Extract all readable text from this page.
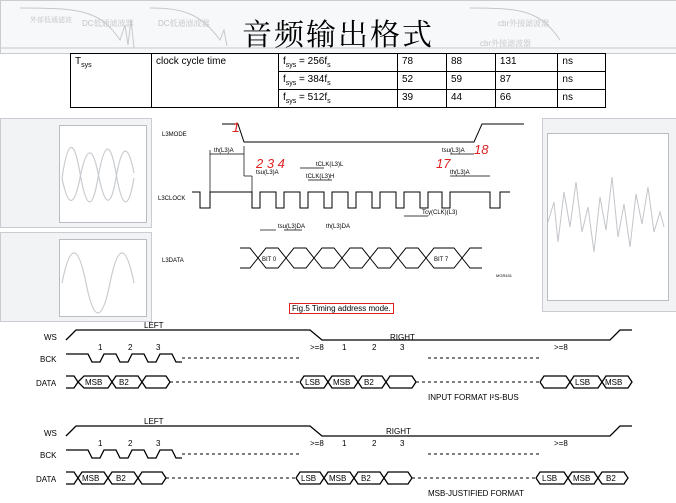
外部低通滤波 DC低通滤波器	DC低通滤波器	cbr外接滤波器
cbr外接滤波器
音频输出格式
$T_{sys}$	clock cycle time	$f_{sys} = 256f_s$	78	88	131	ns
		$f_{sys} = 384f_s$	52	59	87	ns
		$f_{sys} = 512f_s$	39	44	66	ns
L3MODE
L3CLOCK
L3DATA	BIT 0	BIT 7
MGR431
th(L3)A
tsu(L3)A
tCLK(L3)L
tCLK(L3)H
tsu(L3)DA	th(L3)DA
Tcy(CLK)(L3)
tsu(L3)A
th(L3)A
1
2 3 4	17
18
Fig.5 Timing address mode.
WS
BCK
DATA
LEFT
RIGHT
1	2	3	>=8 1	2	3	>=8
MSB B2	LSB MSB B2	LSB MSB
INPUT FORMAT I²S-BUS
WS
BCK
DATA
LEFT
RIGHT
1	2	3	>=8 1	2	3	>=8
MSB B2	LSB MSB B2	LSB MSB B2
MSB-JUSTIFIED FORMAT
